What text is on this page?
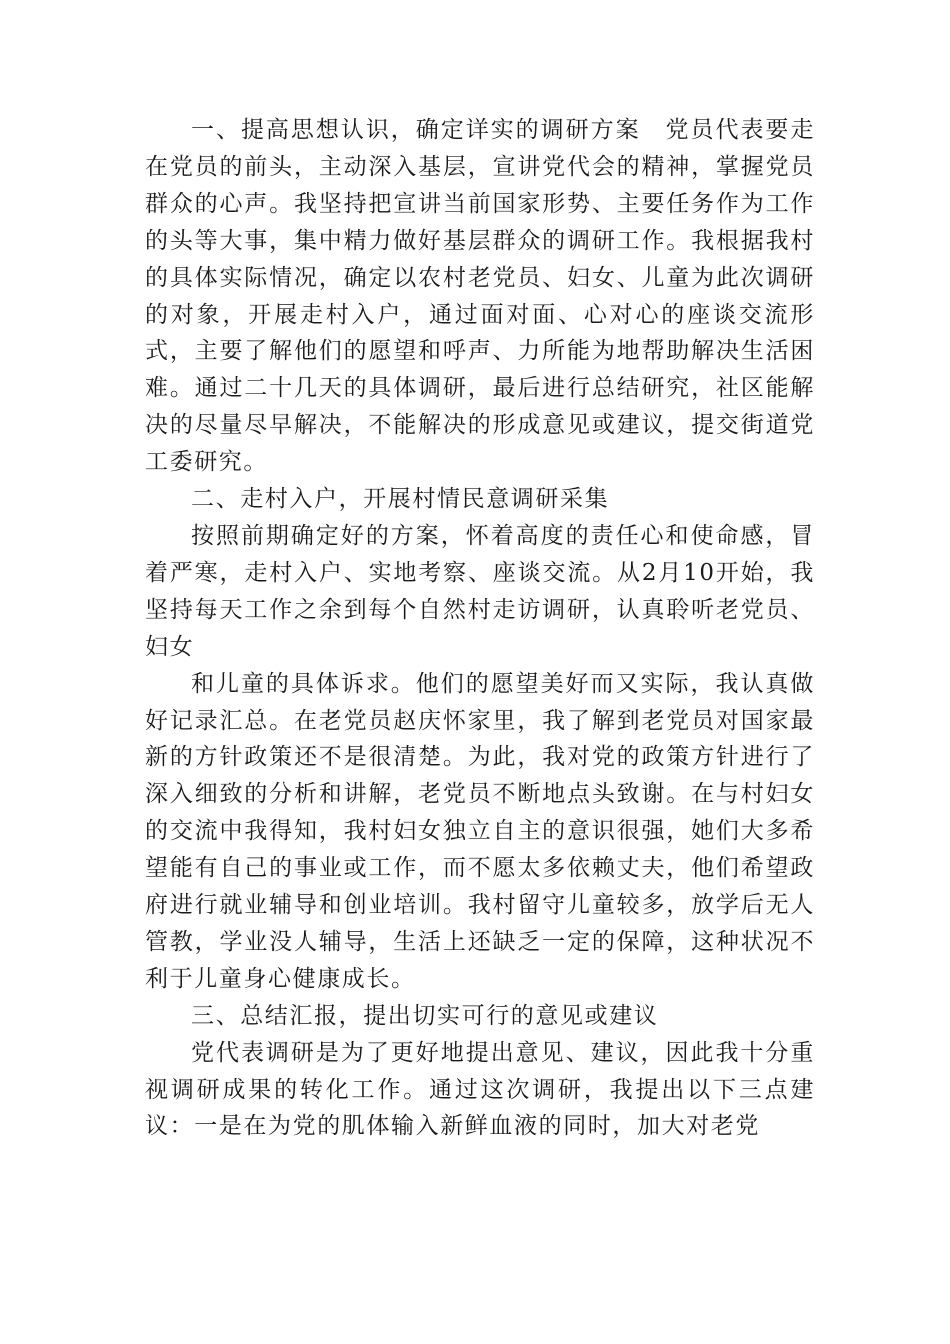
一、提高思想认识，确定详实的调研方案　党员代表要走在党员的前头，主动深入基层，宣讲党代会的精神，掌握党员群众的心声。我坚持把宣讲当前国家形势、主要任务作为工作的头等大事，集中精力做好基层群众的调研工作。我根据我村的具体实际情况，确定以农村老党员、妇女、儿童为此次调研的对象，开展走村入户，通过面对面、心对心的座谈交流形式，主要了解他们的愿望和呼声、力所能为地帮助解决生活困难。通过二十几天的具体调研，最后进行总结研究，社区能解决的尽量尽早解决，不能解决的形成意见或建议，提交街道党工委研究。

二、走村入户，开展村情民意调研采集

按照前期确定好的方案，怀着高度的责任心和使命感，冒着严寒，走村入户、实地考察、座谈交流。从2月10开始，我坚持每天工作之余到每个自然村走访调研，认真聆听老党员、妇女

和儿童的具体诉求。他们的愿望美好而又实际，我认真做好记录汇总。在老党员赵庆怀家里，我了解到老党员对国家最新的方针政策还不是很清楚。为此，我对党的政策方针进行了深入细致的分析和讲解，老党员不断地点头致谢。在与村妇女的交流中我得知，我村妇女独立自主的意识很强，她们大多希望能有自己的事业或工作，而不愿太多依赖丈夫，他们希望政府进行就业辅导和创业培训。我村留守儿童较多，放学后无人管教，学业没人辅导，生活上还缺乏一定的保障，这种状况不利于儿童身心健康成长。

三、总结汇报，提出切实可行的意见或建议

党代表调研是为了更好地提出意见、建议，因此我十分重视调研成果的转化工作。通过这次调研，我提出以下三点建议：一是在为党的肌体输入新鲜血液的同时，加大对老党
